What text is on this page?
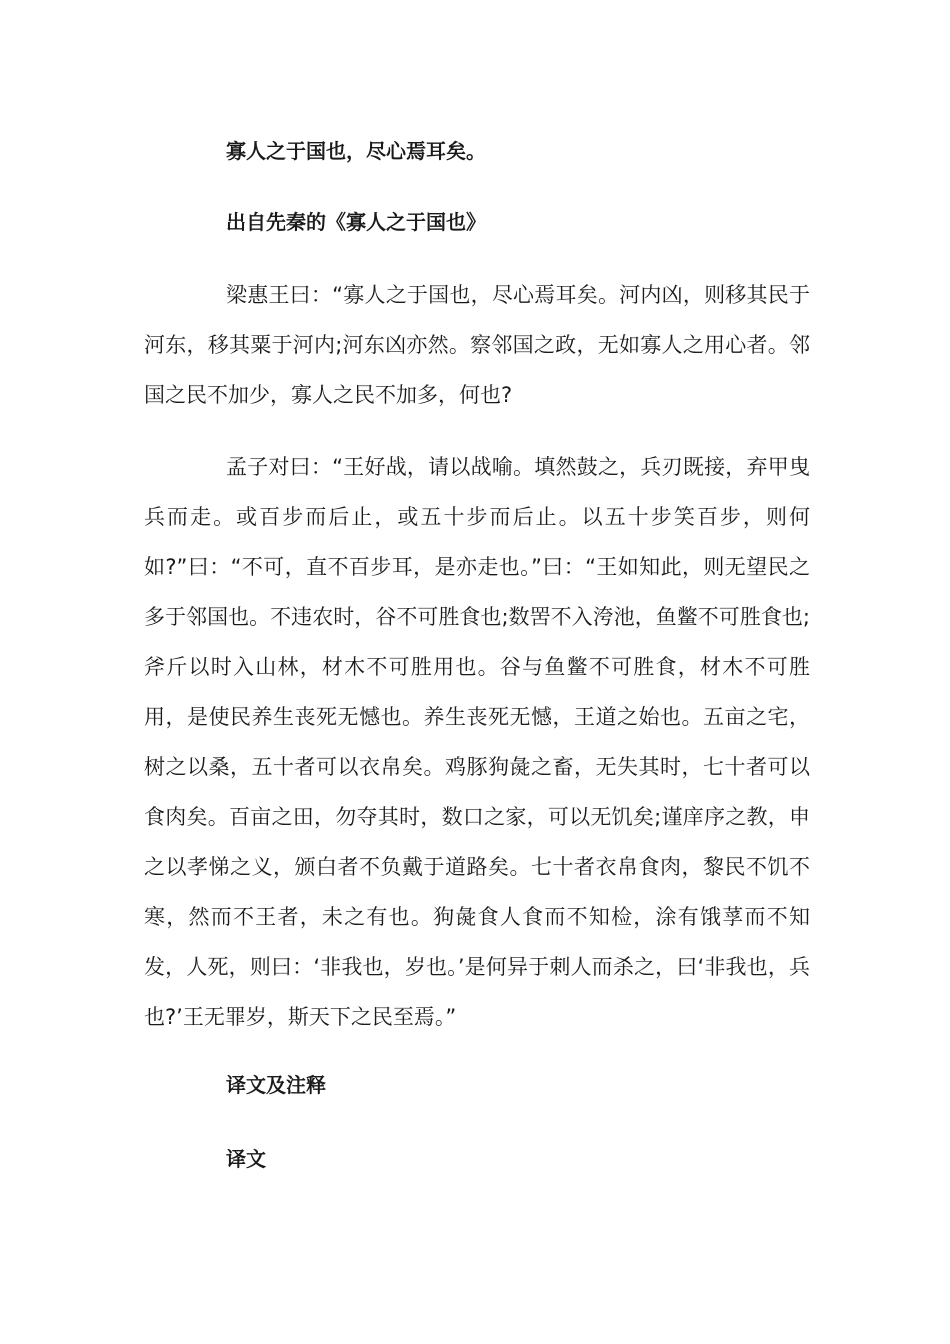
寡人之于国也，尽心焉耳矣。
出自先秦的《寡人之于国也》

梁惠王曰：“寡人之于国也，尽心焉耳矣。河内凶，则移其民于河东，移其粟于河内;河东凶亦然。察邻国之政，无如寡人之用心者。邻国之民不加少，寡人之民不加多，何也?

孟子对曰：“王好战，请以战喻。填然鼓之，兵刃既接，弃甲曳兵而走。或百步而后止，或五十步而后止。以五十步笑百步，则何如?”曰：“不可，直不百步耳，是亦走也。”曰：“王如知此，则无望民之多于邻国也。不违农时，谷不可胜食也;数罟不入洿池，鱼鳖不可胜食也;斧斤以时入山林，材木不可胜用也。谷与鱼鳖不可胜食，材木不可胜用，是使民养生丧死无憾也。养生丧死无憾，王道之始也。五亩之宅，树之以桑，五十者可以衣帛矣。鸡豚狗彘之畜，无失其时，七十者可以食肉矣。百亩之田，勿夺其时，数口之家，可以无饥矣;谨庠序之教，申之以孝悌之义，颁白者不负戴于道路矣。七十者衣帛食肉，黎民不饥不寒，然而不王者，未之有也。狗彘食人食而不知检，涂有饿莩而不知发，人死，则曰：‘非我也，岁也。’是何异于刺人而杀之，曰‘非我也，兵也?’王无罪岁，斯天下之民至焉。”

译文及注释
译文
